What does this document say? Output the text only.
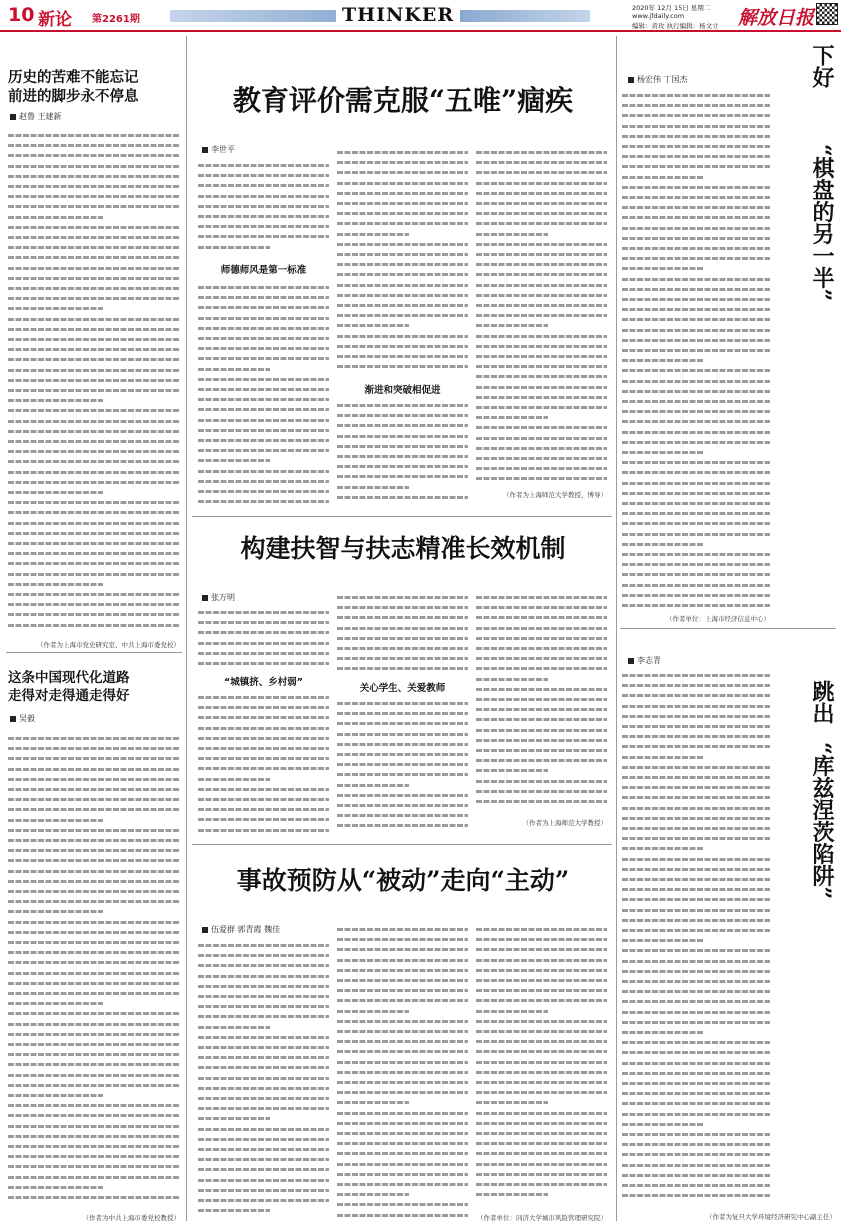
10 新论 第2261期	THINKER	2020年 12月 15日 星期二
www.jfdaily.com
编辑：黄玫 执行编辑：杨文立 解放日报
历史的苦难不能忘记
前进的脚步永不停息
赵鲁 王建新
（作者为上海市党史研究室、中共上海市委党校）
这条中国现代化道路
走得对走得通走得好
吴毅
（作者为中共上海市委党校教授）
教育评价需克服“五唯”痼疾
李世平
师德师风是第一标准
渐进和突破相促进
（作者为上海师范大学教授、博导）
构建扶智与扶志精准长效机制
张万明
“城镇挤、乡村弱”
关心学生、关爱教师
（作者为上海师范大学教授）
事故预防从“被动”走向“主动”
伍爱群 郭青霞 魏佳
（作者单位：同济大学城市风险管理研究院）
杨宏伟 丁国杰
（作者单位：上海市经济信息中心）
下好
“棋盘的另一半”
李志青
（作者为复旦大学环境经济研究中心副主任）
跳出
“库兹涅茨陷阱”
